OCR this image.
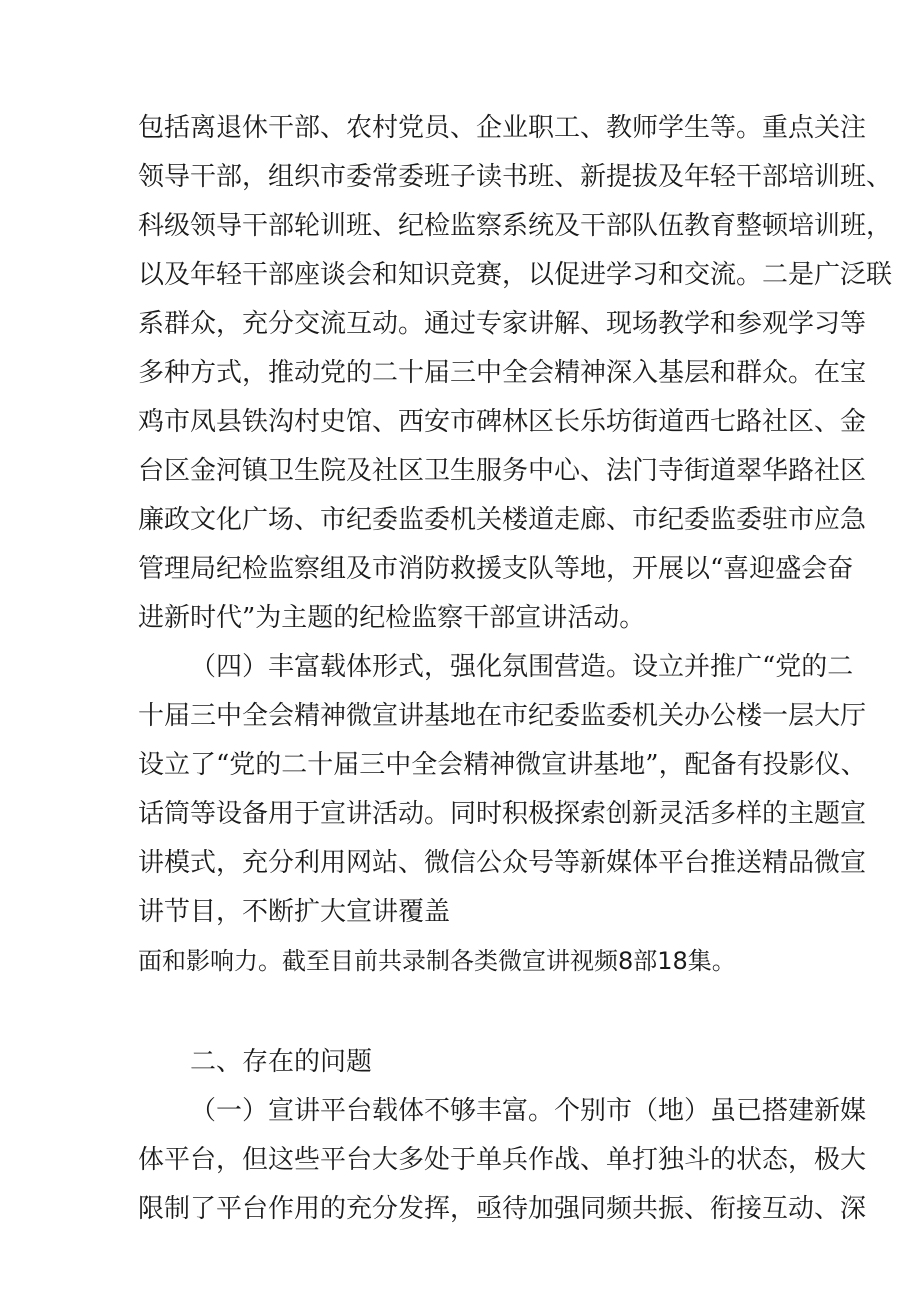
包括离退休干部、农村党员、企业职工、教师学生等。重点关注
领导干部，组织市委常委班子读书班、新提拔及年轻干部培训班、
科级领导干部轮训班、纪检监察系统及干部队伍教育整顿培训班，
以及年轻干部座谈会和知识竞赛，以促进学习和交流。二是广泛联
系群众，充分交流互动。通过专家讲解、现场教学和参观学习等
多种方式，推动党的二十届三中全会精神深入基层和群众。在宝
鸡市凤县铁沟村史馆、西安市碑林区长乐坊街道西七路社区、金
台区金河镇卫生院及社区卫生服务中心、法门寺街道翠华路社区
廉政文化广场、市纪委监委机关楼道走廊、市纪委监委驻市应急
管理局纪检监察组及市消防救援支队等地，开展以“喜迎盛会奋
进新时代”为主题的纪检监察干部宣讲活动。
（四）丰富载体形式，强化氛围营造。设立并推广“党的二
十届三中全会精神微宣讲基地在市纪委监委机关办公楼一层大厅
设立了“党的二十届三中全会精神微宣讲基地”，配备有投影仪、
话筒等设备用于宣讲活动。同时积极探索创新灵活多样的主题宣
讲模式，充分利用网站、微信公众号等新媒体平台推送精品微宣
讲节目，不断扩大宣讲覆盖
面和影响力。截至目前共录制各类微宣讲视频8部18集。
二、存在的问题
（一）宣讲平台载体不够丰富。个别市（地）虽已搭建新媒
体平台，但这些平台大多处于单兵作战、单打独斗的状态，极大
限制了平台作用的充分发挥，亟待加强同频共振、衔接互动、深
